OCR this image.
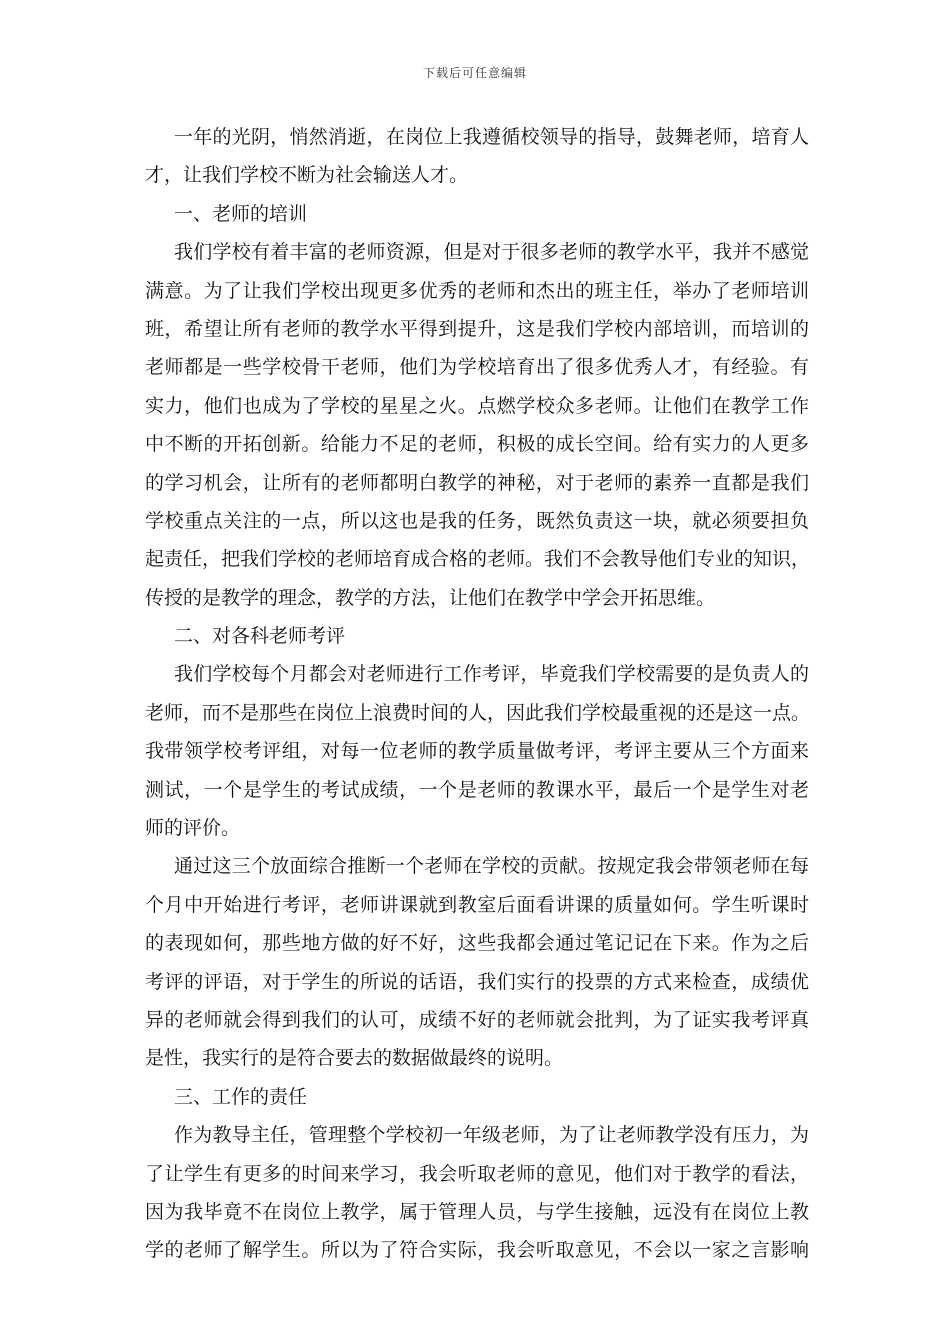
下载后可任意编辑
一年的光阴，悄然消逝，在岗位上我遵循校领导的指导，鼓舞老师，培育人
才，让我们学校不断为社会输送人才。
一、老师的培训
我们学校有着丰富的老师资源，但是对于很多老师的教学水平，我并不感觉
满意。为了让我们学校出现更多优秀的老师和杰出的班主任，举办了老师培训
班，希望让所有老师的教学水平得到提升，这是我们学校内部培训，而培训的
老师都是一些学校骨干老师，他们为学校培育出了很多优秀人才，有经验。有
实力，他们也成为了学校的星星之火。点燃学校众多老师。让他们在教学工作
中不断的开拓创新。给能力不足的老师，积极的成长空间。给有实力的人更多
的学习机会，让所有的老师都明白教学的神秘，对于老师的素养一直都是我们
学校重点关注的一点，所以这也是我的任务，既然负责这一块，就必须要担负
起责任，把我们学校的老师培育成合格的老师。我们不会教导他们专业的知识，
传授的是教学的理念，教学的方法，让他们在教学中学会开拓思维。
二、对各科老师考评
我们学校每个月都会对老师进行工作考评，毕竟我们学校需要的是负责人的
老师，而不是那些在岗位上浪费时间的人，因此我们学校最重视的还是这一点。
我带领学校考评组，对每一位老师的教学质量做考评，考评主要从三个方面来
测试，一个是学生的考试成绩，一个是老师的教课水平，最后一个是学生对老
师的评价。
通过这三个放面综合推断一个老师在学校的贡献。按规定我会带领老师在每
个月中开始进行考评，老师讲课就到教室后面看讲课的质量如何。学生听课时
的表现如何，那些地方做的好不好，这些我都会通过笔记记在下来。作为之后
考评的评语，对于学生的所说的话语，我们实行的投票的方式来检查，成绩优
异的老师就会得到我们的认可，成绩不好的老师就会批判，为了证实我考评真
是性，我实行的是符合要去的数据做最终的说明。
三、工作的责任
作为教导主任，管理整个学校初一年级老师，为了让老师教学没有压力，为
了让学生有更多的时间来学习，我会听取老师的意见，他们对于教学的看法，
因为我毕竟不在岗位上教学，属于管理人员，与学生接触，远没有在岗位上教
学的老师了解学生。所以为了符合实际，我会听取意见，不会以一家之言影响
